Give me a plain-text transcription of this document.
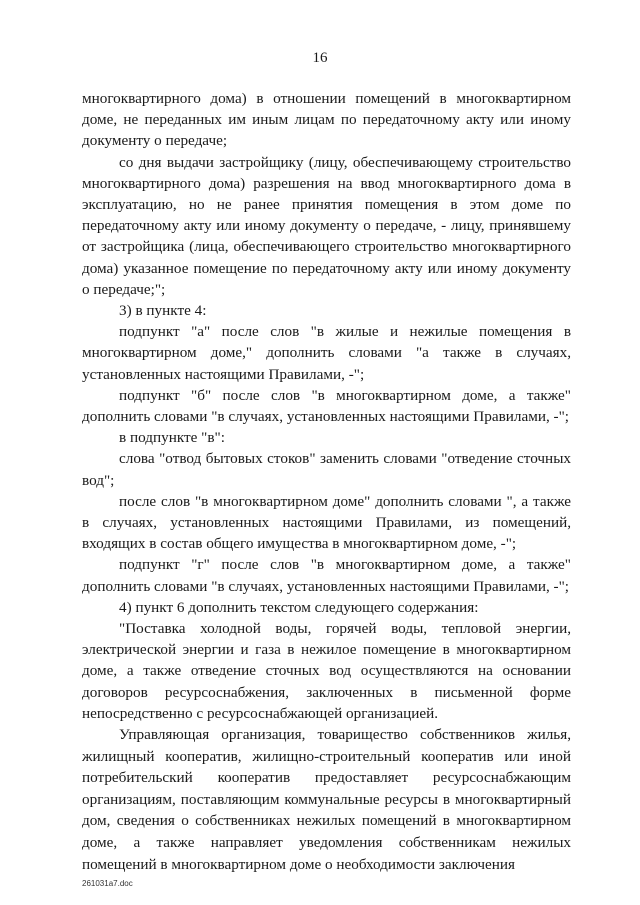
16

многоквартирного дома) в отношении помещений в многоквартирном доме, не переданных им иным лицам по передаточному акту или иному документу о передаче;

со дня выдачи застройщику (лицу, обеспечивающему строительство многоквартирного дома) разрешения на ввод многоквартирного дома в эксплуатацию, но не ранее принятия помещения в этом доме по передаточному акту или иному документу о передаче, - лицу, принявшему от застройщика (лица, обеспечивающего строительство многоквартирного дома) указанное помещение по передаточному акту или иному документу о передаче;";

3) в пункте 4:

подпункт "а" после слов "в жилые и нежилые помещения в многоквартирном доме," дополнить словами "а также в случаях, установленных настоящими Правилами, -";

подпункт "б" после слов "в многоквартирном доме, а также" дополнить словами "в случаях, установленных настоящими Правилами, -";

в подпункте "в":

слова "отвод бытовых стоков" заменить словами "отведение сточных вод";

после слов "в многоквартирном доме" дополнить словами ", а также в случаях, установленных настоящими Правилами, из помещений, входящих в состав общего имущества в многоквартирном доме, -";

подпункт "г" после слов "в многоквартирном доме, а также" дополнить словами "в случаях, установленных настоящими Правилами, -";

4) пункт 6 дополнить текстом следующего содержания:

"Поставка холодной воды, горячей воды, тепловой энергии, электрической энергии и газа в нежилое помещение в многоквартирном доме, а также отведение сточных вод осуществляются на основании договоров ресурсоснабжения, заключенных в письменной форме непосредственно с ресурсоснабжающей организацией.

Управляющая организация, товарищество собственников жилья, жилищный кооператив, жилищно-строительный кооператив или иной потребительский кооператив предоставляет ресурсоснабжающим организациям, поставляющим коммунальные ресурсы в многоквартирный дом, сведения о собственниках нежилых помещений в многоквартирном доме, а также направляет уведомления собственникам нежилых помещений в многоквартирном доме о необходимости заключения

261031a7.doc
